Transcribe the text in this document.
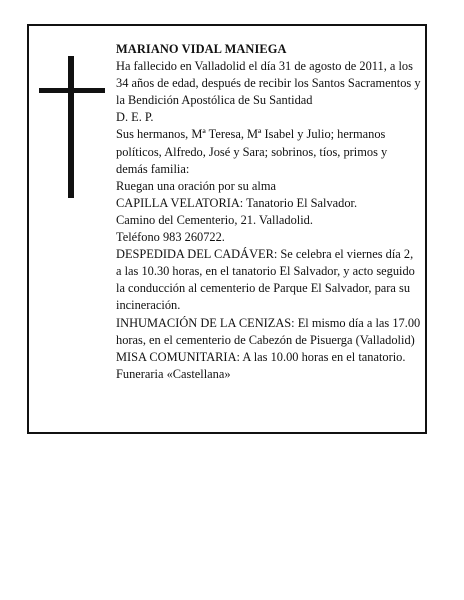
MARIANO VIDAL MANIEGA

Ha fallecido en Valladolid el día 31 de agosto de 2011, a los 34 años de edad, después de recibir los Santos Sacramentos y la Bendición Apostólica de Su Santidad

D. E. P.

Sus hermanos, Mª Teresa, Mª Isabel y Julio; hermanos políticos, Alfredo, José y Sara; sobrinos, tíos, primos y demás familia:

Ruegan una oración por su alma

CAPILLA VELATORIA: Tanatorio El Salvador.

Camino del Cementerio, 21. Valladolid.

Teléfono 983 260722.

DESPEDIDA DEL CADÁVER: Se celebra el viernes día 2, a las 10.30 horas, en el tanatorio El Salvador, y acto seguido la conducción al cementerio de Parque El Salvador, para su incineración.

INHUMACIÓN DE LA CENIZAS: El mismo día a las 17.00 horas, en el cementerio de Cabezón de Pisuerga (Valladolid)

MISA COMUNITARIA: A las 10.00 horas en el tanatorio.

Funeraria «Castellana»
